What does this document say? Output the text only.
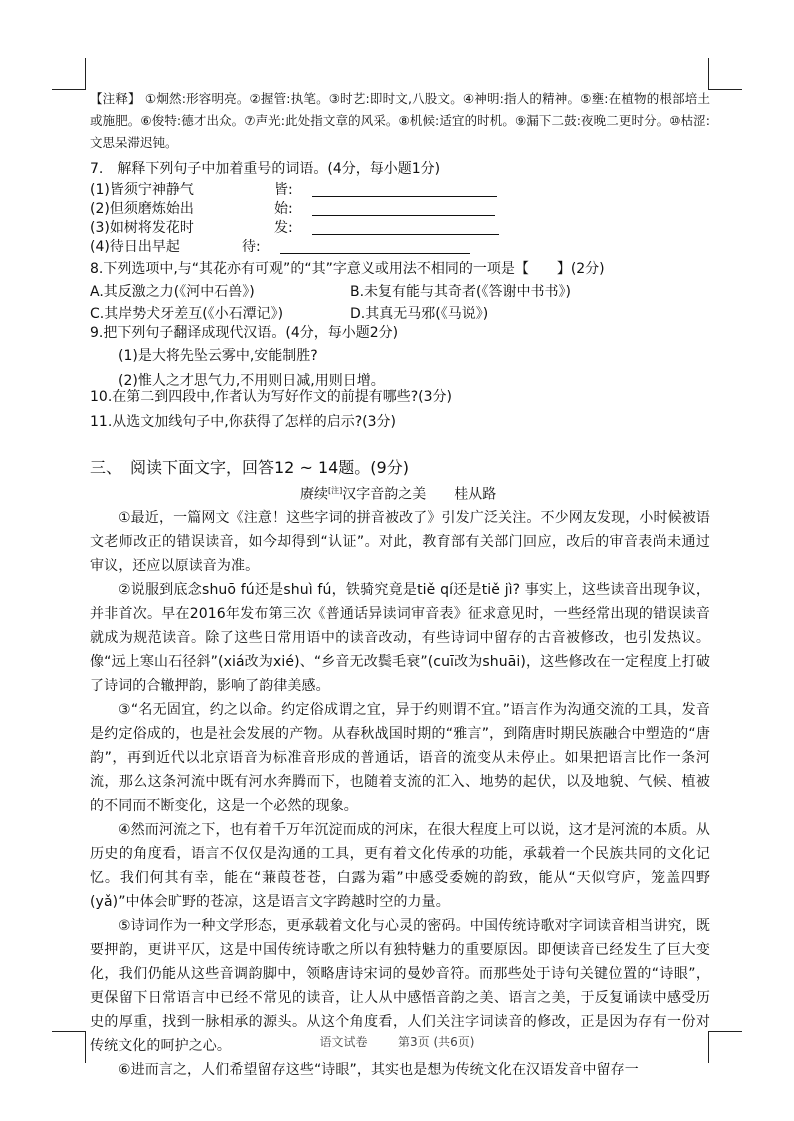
【注释】 ①炯然:形容明亮。②握管:执笔。③时艺:即时文,八股文。④神明:指人的精神。⑤壅:在植物的根部培土或施肥。⑥俊特:德才出众。⑦声光:此处指文章的风采。⑧机候:适宜的时机。⑨漏下二鼓:夜晚二更时分。⑩枯涩:文思呆滞迟钝。

7.　解释下列句子中加着重号的词语。(4分，每小题1分)

(1)皆须宁神静气	皆:
(2)但须磨炼始出	始:
(3)如树将发花时	发:
(4)待日出早起	待:

8.下列选项中,与“其花亦有可观”的“其”字意义或用法不相同的一项是【　　】(2分)

A.其反激之力(《河中石兽》)	B.未复有能与其奇者(《答谢中书书》)
C.其岸势犬牙差互(《小石潭记》)	D.其真无马邪(《马说》)

9.把下列句子翻译成现代汉语。(4分，每小题2分)

(1)是大将先坠云雾中,安能制胜?

(2)惟人之才思气力,不用则日减,用则日增。

10.在第二到四段中,作者认为写好作文的前提有哪些?(3分)

11.从选文加线句子中,你获得了怎样的启示?(3分)

三、　阅读下面文字，回答12 ~ 14题。(9分)

赓续[注]汉字音韵之美　　桂从路

①最近，一篇网文《注意！这些字词的拼音被改了》引发广泛关注。不少网友发现，小时候被语文老师改正的错误读音，如今却得到“认证”。对此，教育部有关部门回应，改后的审音表尚未通过审议，还应以原读音为准。

②说服到底念shuō fú还是shuì fú，铁骑究竟是tiě qí还是tiě jì? 事实上，这些读音出现争议，并非首次。早在2016年发布第三次《普通话异读词审音表》征求意见时，一些经常出现的错误读音就成为规范读音。除了这些日常用语中的读音改动，有些诗词中留存的古音被修改，也引发热议。像“远上寒山石径斜”(xiá改为xié)、“乡音无改鬓毛衰”(cuī改为shuāi)，这些修改在一定程度上打破了诗词的合辙押韵，影响了韵律美感。

③“名无固宜，约之以命。约定俗成谓之宜，异于约则谓不宜。”语言作为沟通交流的工具，发音是约定俗成的，也是社会发展的产物。从春秋战国时期的“雅言”，到隋唐时期民族融合中塑造的“唐韵”，再到近代以北京语音为标准音形成的普通话，语音的流变从未停止。如果把语言比作一条河流，那么这条河流中既有河水奔腾而下，也随着支流的汇入、地势的起伏，以及地貌、气候、植被的不同而不断变化，这是一个必然的现象。

④然而河流之下，也有着千万年沉淀而成的河床，在很大程度上可以说，这才是河流的本质。从历史的角度看，语言不仅仅是沟通的工具，更有着文化传承的功能，承载着一个民族共同的文化记忆。我们何其有幸，能在“蒹葭苍苍，白露为霜”中感受委婉的韵致，能从“天似穹庐，笼盖四野 (yǎ)”中体会旷野的苍凉，这是语言文字跨越时空的力量。

⑤诗词作为一种文学形态，更承载着文化与心灵的密码。中国传统诗歌对字词读音相当讲究，既要押韵，更讲平仄，这是中国传统诗歌之所以有独特魅力的重要原因。即便读音已经发生了巨大变化，我们仍能从这些音调韵脚中，领略唐诗宋词的曼妙音符。而那些处于诗句关键位置的“诗眼”，更保留下日常语言中已经不常见的读音，让人从中感悟音韵之美、语言之美，于反复诵读中感受历史的厚重，找到一脉相承的源头。从这个角度看，人们关注字词读音的修改，正是因为存有一份对传统文化的呵护之心。

⑥进而言之，人们希望留存这些“诗眼”，其实也是想为传统文化在汉语发音中留存一

语文试卷	第3页 (共6页)
